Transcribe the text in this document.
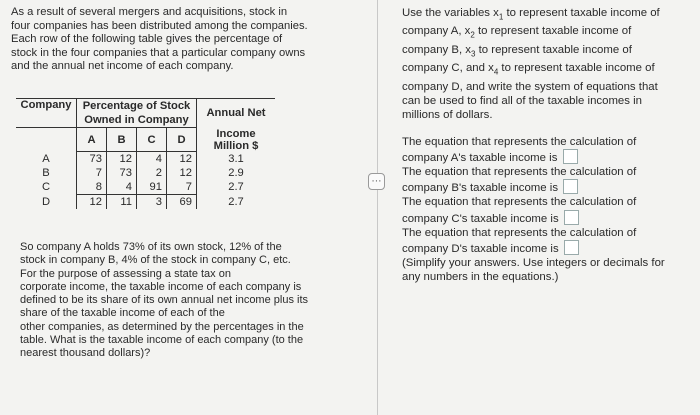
As a result of several mergers and acquisitions, stock in
four companies has been distributed among the companies.
Each row of the following table gives the percentage of
stock in the four companies that a particular company owns
and the annual net income of each company.

Company	Percentage of Stock				Annual Net
	Owned in Company				
	A	B	C	D	Income
Million $
A	73	12	4	12	3.1
B	7	73	2	12	2.9
C	8	4	91	7	2.7
D	12	11	3	69	2.7
So company A holds 73% of its own stock, 12% of the
stock in company B, 4% of the stock in company C, etc.
For the purpose of assessing a state tax on
corporate income, the taxable income of each company is
defined to be its share of its own annual net income plus its
share of the taxable income of each of the
other companies, as determined by the percentages in the
table. What is the taxable income of each company (to the
nearest thousand dollars)?
⋯
Use the variables $x_1$ to represent taxable income of
company A, $x_2$ to represent taxable income of
company B, $x_3$ to represent taxable income of
company C, and $x_4$ to represent taxable income of
company D, and write the system of equations that
can be used to find all of the taxable incomes in
millions of dollars.
The equation that represents the calculation of
company A's taxable income is
The equation that represents the calculation of
company B's taxable income is
The equation that represents the calculation of
company C's taxable income is
The equation that represents the calculation of
company D's taxable income is
(Simplify your answers. Use integers or decimals for
any numbers in the equations.)
